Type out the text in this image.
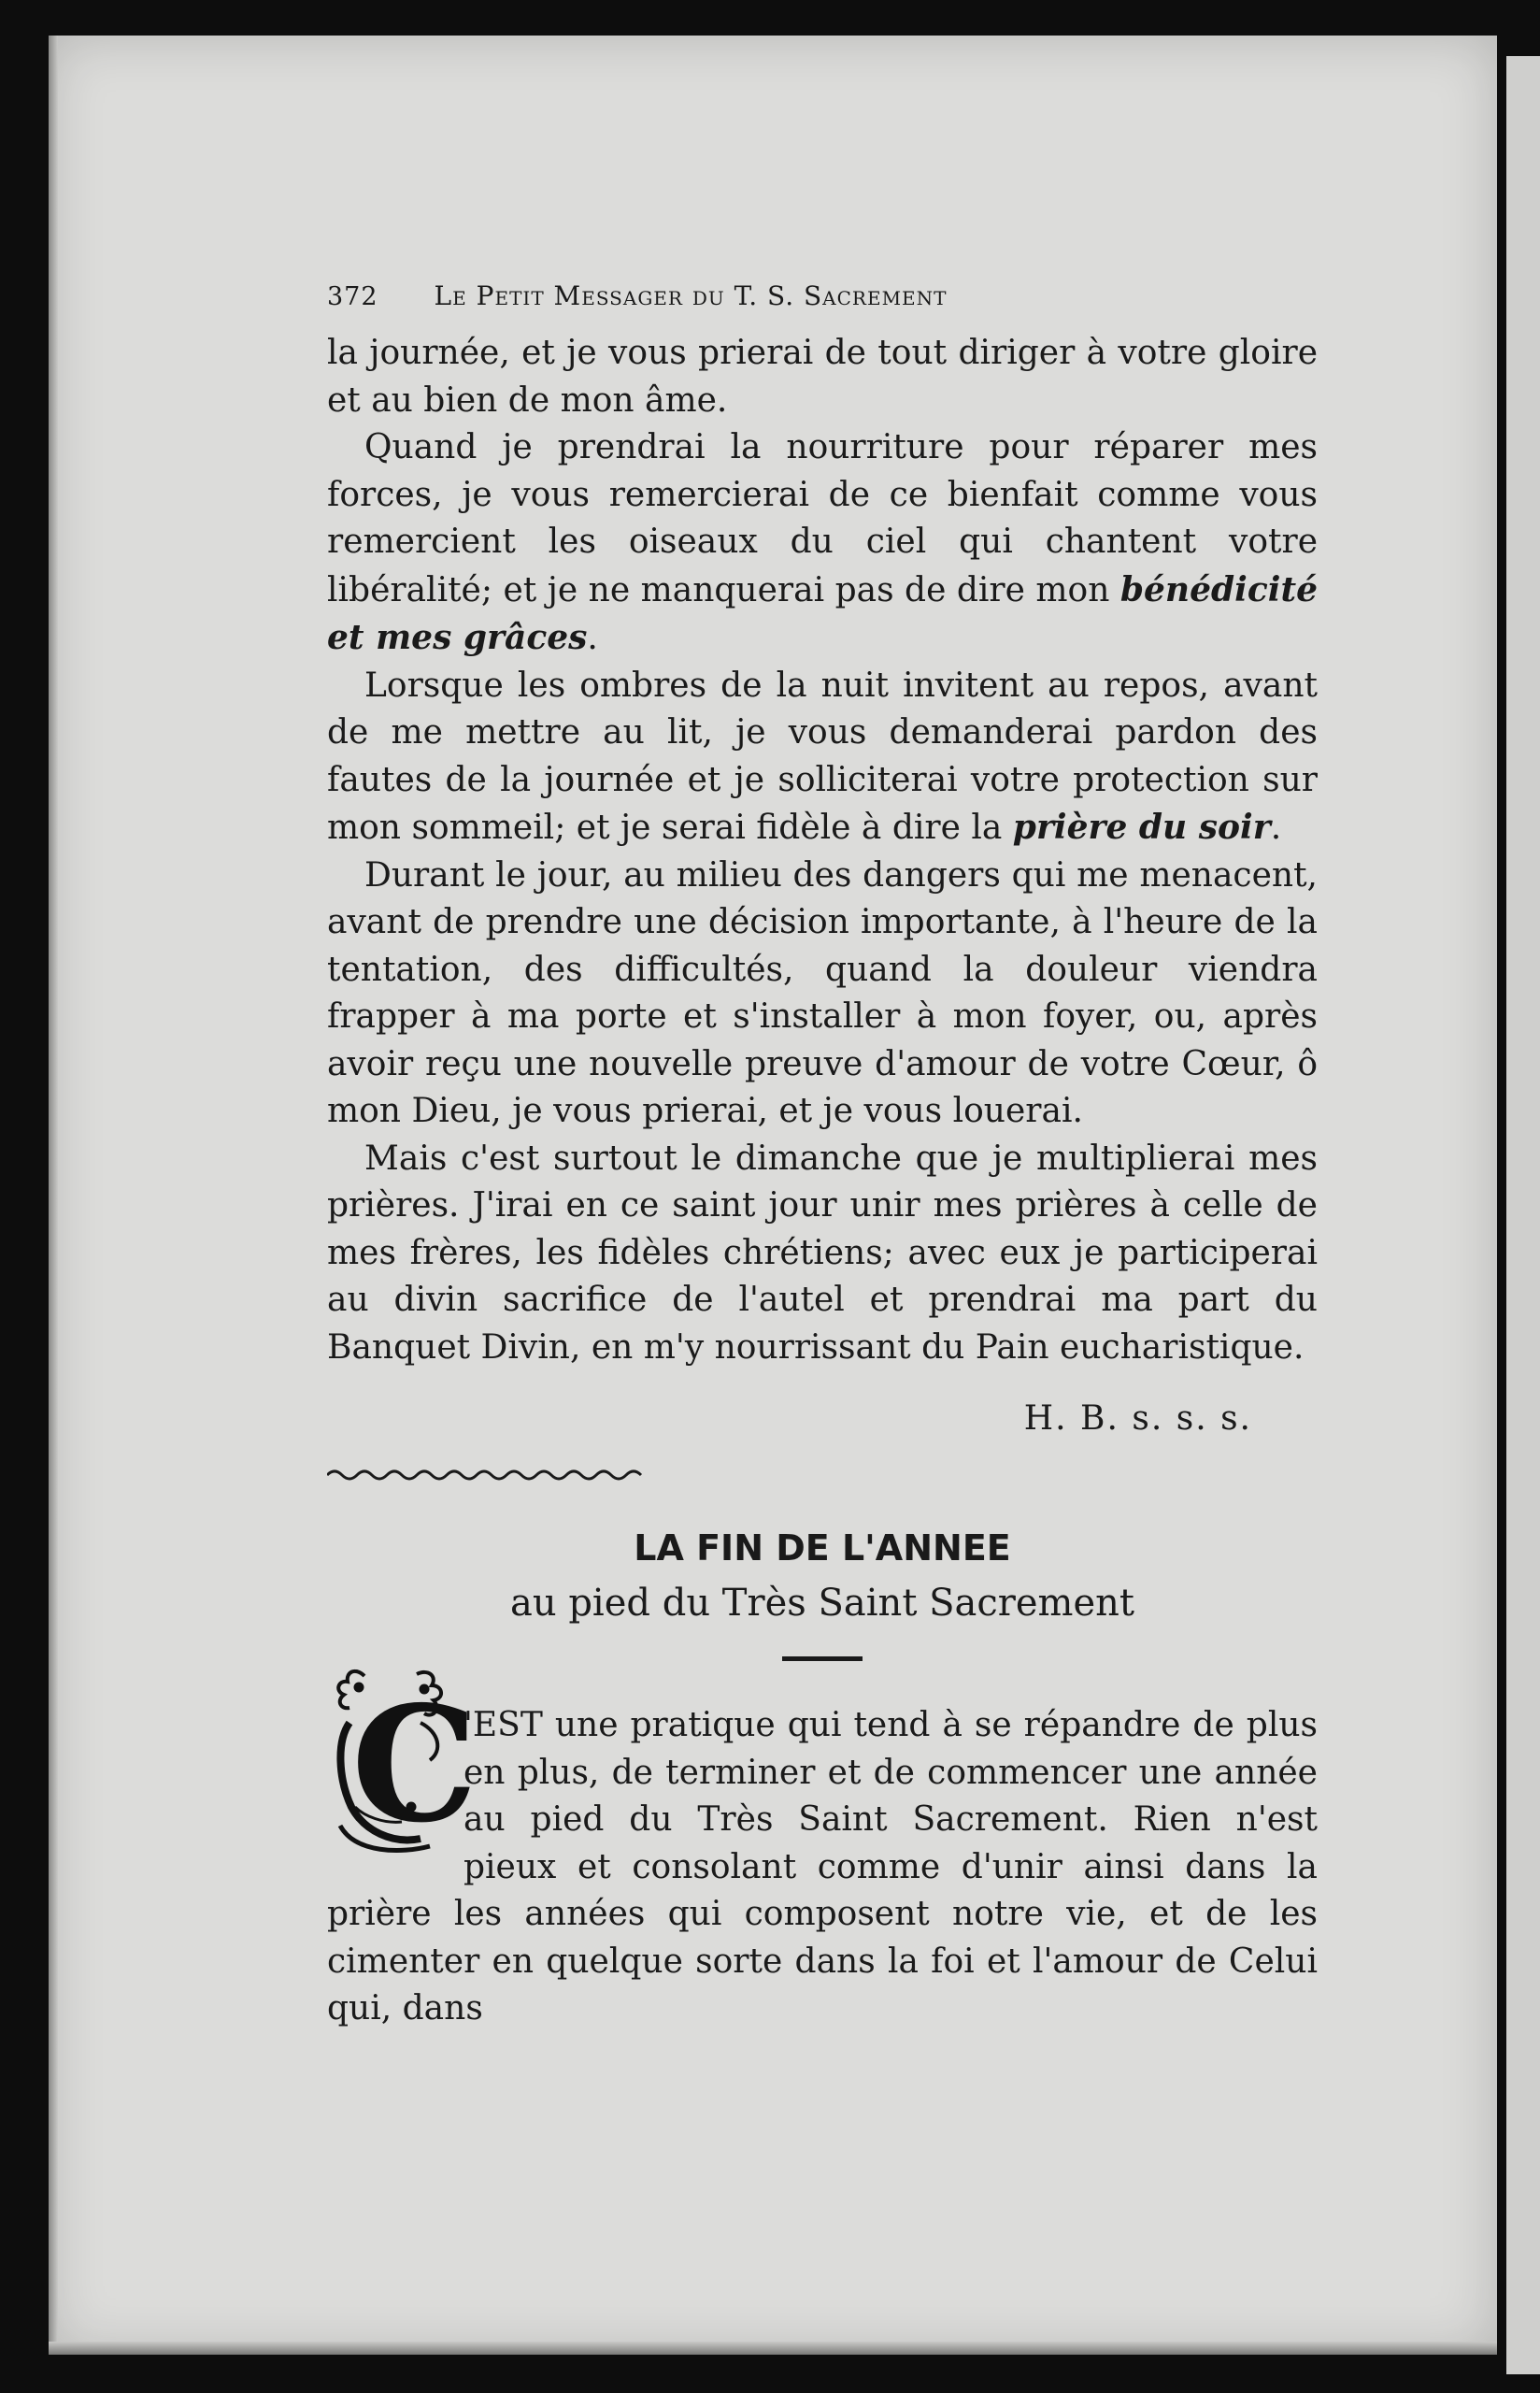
372 Le Petit Messager du T. S. Sacrement

la journée, et je vous prierai de tout diriger à votre gloire et au bien de mon âme.

Quand je prendrai la nourriture pour réparer mes forces, je vous remercierai de ce bienfait comme vous remercient les oiseaux du ciel qui chantent votre libéralité; et je ne manquerai pas de dire mon bénédicité et mes grâces.

Lorsque les ombres de la nuit invitent au repos, avant de me mettre au lit, je vous demanderai pardon des fautes de la journée et je solliciterai votre protection sur mon sommeil; et je serai fidèle à dire la prière du soir.

Durant le jour, au milieu des dangers qui me menacent, avant de prendre une décision importante, à l'heure de la tentation, des difficultés, quand la douleur viendra frapper à ma porte et s'installer à mon foyer, ou, après avoir reçu une nouvelle preuve d'amour de votre Cœur, ô mon Dieu, je vous prierai, et je vous louerai.

Mais c'est surtout le dimanche que je multiplierai mes prières. J'irai en ce saint jour unir mes prières à celle de mes frères, les fidèles chrétiens; avec eux je participerai au divin sacrifice de l'autel et prendrai ma part du Banquet Divin, en m'y nourrissant du Pain eucharistique.

H. B. s. s. s.
LA FIN DE L'ANNEE
au pied du Très Saint Sacrement
C

'EST une pratique qui tend à se répandre de plus en plus, de terminer et de commencer une année au pied du Très Saint Sacrement. Rien n'est pieux et consolant comme d'unir ainsi dans la prière les années qui composent notre vie, et de les cimenter en quelque sorte dans la foi et l'amour de Celui qui, dans
